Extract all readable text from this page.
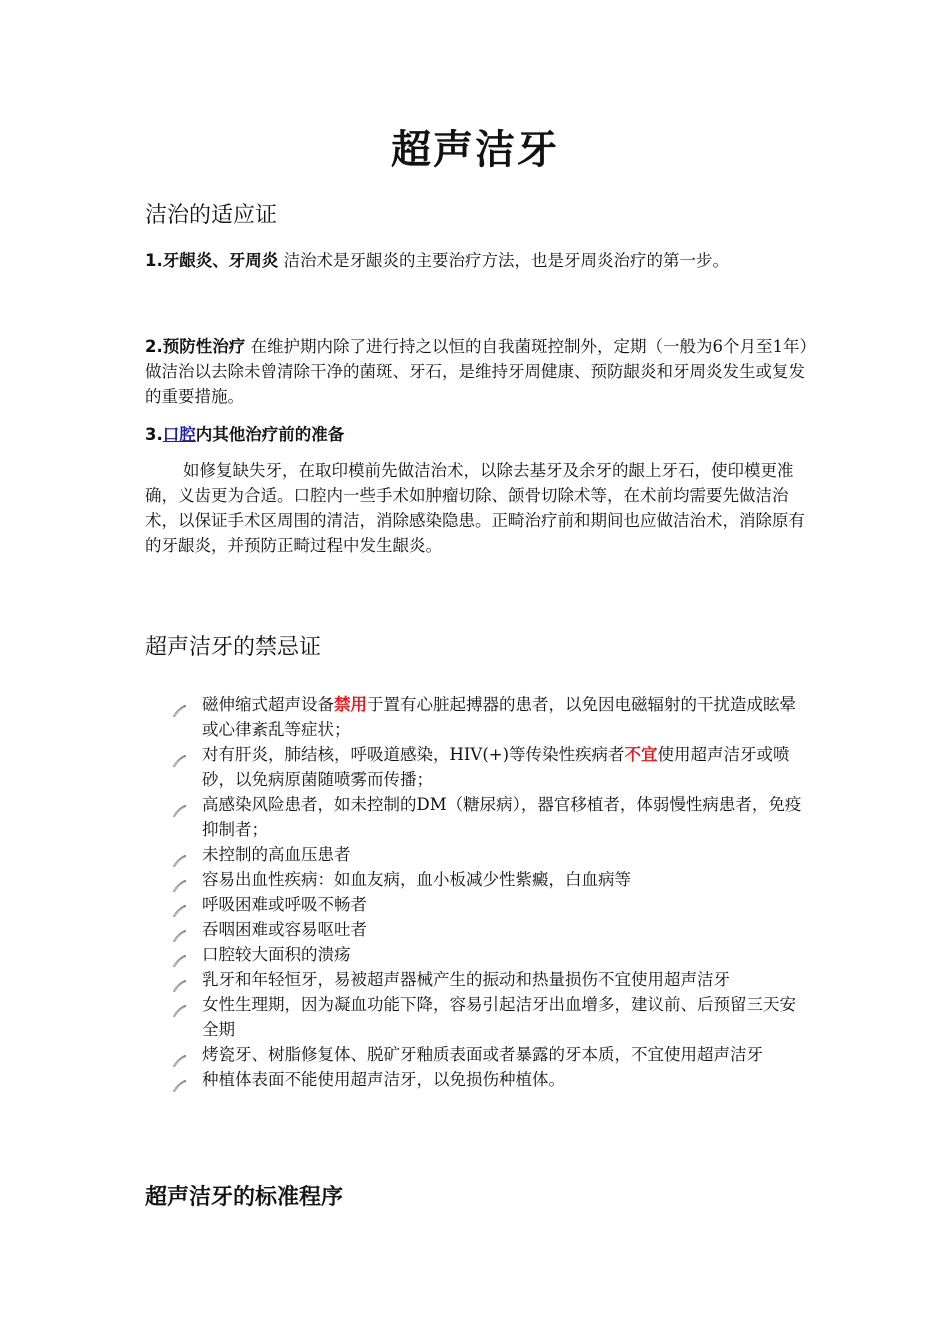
超声洁牙
洁治的适应证
1.牙龈炎、牙周炎 洁治术是牙龈炎的主要治疗方法，也是牙周炎治疗的第一步。
2.预防性治疗 在维护期内除了进行持之以恒的自我菌斑控制外，定期（一般为6个月至1年）做洁治以去除未曾清除干净的菌斑、牙石，是维持牙周健康、预防龈炎和牙周炎发生或复发的重要措施。
3.口腔内其他治疗前的准备
如修复缺失牙，在取印模前先做洁治术，以除去基牙及余牙的龈上牙石，使印模更准确，义齿更为合适。口腔内一些手术如肿瘤切除、颌骨切除术等，在术前均需要先做洁治术，以保证手术区周围的清洁，消除感染隐患。正畸治疗前和期间也应做洁治术，消除原有的牙龈炎，并预防正畸过程中发生龈炎。
超声洁牙的禁忌证
磁伸缩式超声设备禁用于置有心脏起搏器的患者，以免因电磁辐射的干扰造成眩晕或心律紊乱等症状；
对有肝炎，肺结核，呼吸道感染，HIV(+)等传染性疾病者不宜使用超声洁牙或喷砂，以免病原菌随喷雾而传播；
高感染风险患者，如未控制的DM（糖尿病），器官移植者，体弱慢性病患者，免疫抑制者；
未控制的高血压患者
容易出血性疾病：如血友病，血小板减少性紫癜，白血病等
呼吸困难或呼吸不畅者
吞咽困难或容易呕吐者
口腔较大面积的溃疡
乳牙和年轻恒牙，易被超声器械产生的振动和热量损伤不宜使用超声洁牙
女性生理期，因为凝血功能下降，容易引起洁牙出血增多，建议前、后预留三天安全期
烤瓷牙、树脂修复体、脱矿牙釉质表面或者暴露的牙本质，不宜使用超声洁牙
种植体表面不能使用超声洁牙，以免损伤种植体。
超声洁牙的标准程序
